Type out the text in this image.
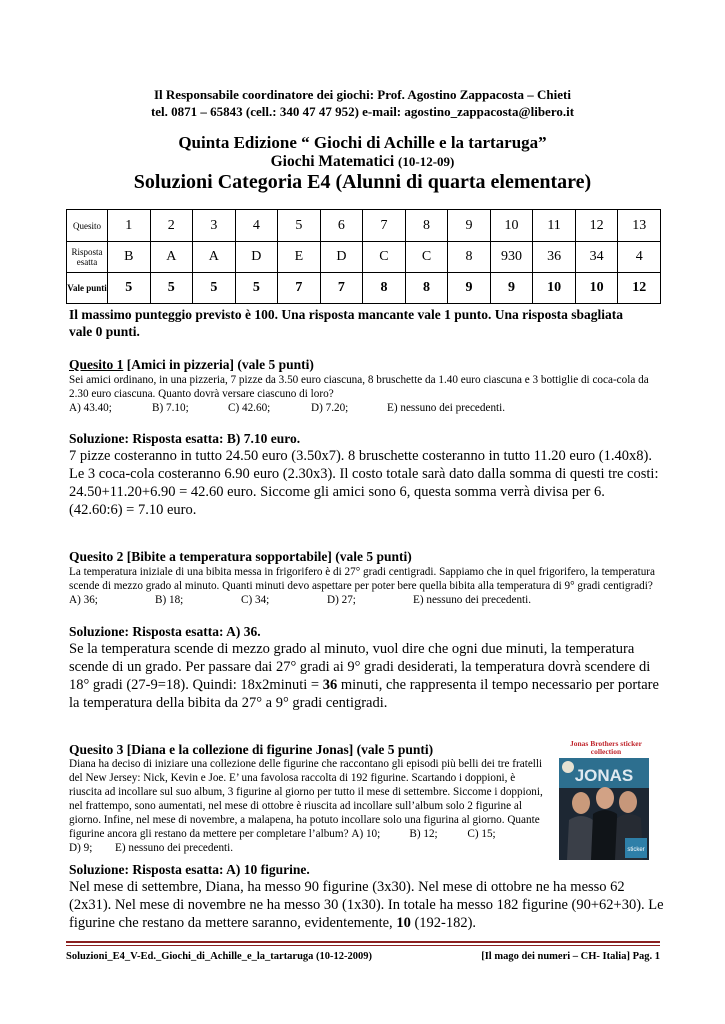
Il Responsabile coordinatore dei giochi: Prof. Agostino Zappacosta – Chieti
tel. 0871 – 65843 (cell.: 340 47 47 952) e-mail: agostino_zappacosta@libero.it
Quinta Edizione “ Giochi di Achille e la tartaruga”
Giochi Matematici (10-12-09)
Soluzioni Categoria E4 (Alunni di quarta elementare)
Quesito	1	2	3	4	5	6	7	8	9	10	11	12	13
Risposta esatta	B	A	A	D	E	D	C	C	8	930	36	34	4
Vale punti	5	5	5	5	7	7	8	8	9	9	10	10	12
Il massimo punteggio previsto è 100. Una risposta mancante vale 1 punto. Una risposta sbagliata vale 0 punti.
Quesito 1 [Amici in pizzeria] (vale 5 punti)
Sei amici ordinano, in una pizzeria, 7 pizze da 3.50 euro ciascuna, 8 bruschette da 1.40 euro ciascuna e 3 bottiglie di coca-cola da 2.30 euro ciascuna. Quanto dovrà versare ciascuno di loro?
A) 43.40;	B) 7.10;	C) 42.60;	D) 7.20;	E) nessuno dei precedenti.
Soluzione: Risposta esatta: B) 7.10 euro.
7 pizze costeranno in tutto 24.50 euro (3.50x7). 8 bruschette costeranno in tutto 11.20 euro (1.40x8). Le 3 coca-cola costeranno 6.90 euro (2.30x3). Il costo totale sarà dato dalla somma di questi tre costi: 24.50+11.20+6.90 = 42.60 euro. Siccome gli amici sono 6, questa somma verrà divisa per 6. (42.60:6) = 7.10 euro.
Quesito 2 [Bibite a temperatura sopportabile] (vale 5 punti)
La temperatura iniziale di una bibita messa in frigorifero è di 27° gradi centigradi. Sappiamo che in quel frigorifero, la temperatura scende di mezzo grado al minuto. Quanti minuti devo aspettare per poter bere quella bibita alla temperatura di 9° gradi centigradi? A) 36;	B) 18;	C) 34;	D) 27;	E) nessuno dei precedenti.
Soluzione: Risposta esatta: A) 36.
Se la temperatura scende di mezzo grado al minuto, vuol dire che ogni due minuti, la temperatura scende di un grado. Per passare dai 27° gradi ai 9° gradi desiderati, la temperatura dovrà scendere di 18° gradi (27-9=18). Quindi: 18x2minuti = 36 minuti, che rappresenta il tempo necessario per portare la temperatura della bibita da 27° a 9° gradi centigradi.
Quesito 3 [Diana e la collezione di figurine Jonas] (vale 5 punti)
Diana ha deciso di iniziare una collezione delle figurine che raccontano gli episodi più belli dei tre fratelli del New Jersey: Nick, Kevin e Joe. E’ una favolosa raccolta di 192 figurine. Scartando i doppioni, è riuscita ad incollare sul suo album, 3 figurine al giorno per tutto il mese di settembre. Siccome i doppioni, nel frattempo, sono aumentati, nel mese di ottobre è riuscita ad incollare sull’album solo 2 figurine al giorno. Infine, nel mese di novembre, a malapena, ha potuto incollare solo una figurina al giorno. Quante figurine ancora gli restano da mettere per completare l’album? A) 10;	B) 12;	C) 15;D) 9; E) nessuno dei precedenti.
Soluzione: Risposta esatta: A) 10 figurine.
Nel mese di settembre, Diana, ha messo 90 figurine (3x30). Nel mese di ottobre ne ha messo 62 (2x31). Nel mese di novembre ne ha messo 30 (1x30). In totale ha messo 182 figurine (90+62+30). Le figurine che restano da mettere saranno, evidentemente, 10 (192-182).
Jonas Brothers sticker collection
JONAS
sticker
Soluzioni_E4_V-Ed._Giochi_di_Achille_e_la_tartaruga (10-12-2009)	[Il mago dei numeri – CH- Italia] Pag. 1
